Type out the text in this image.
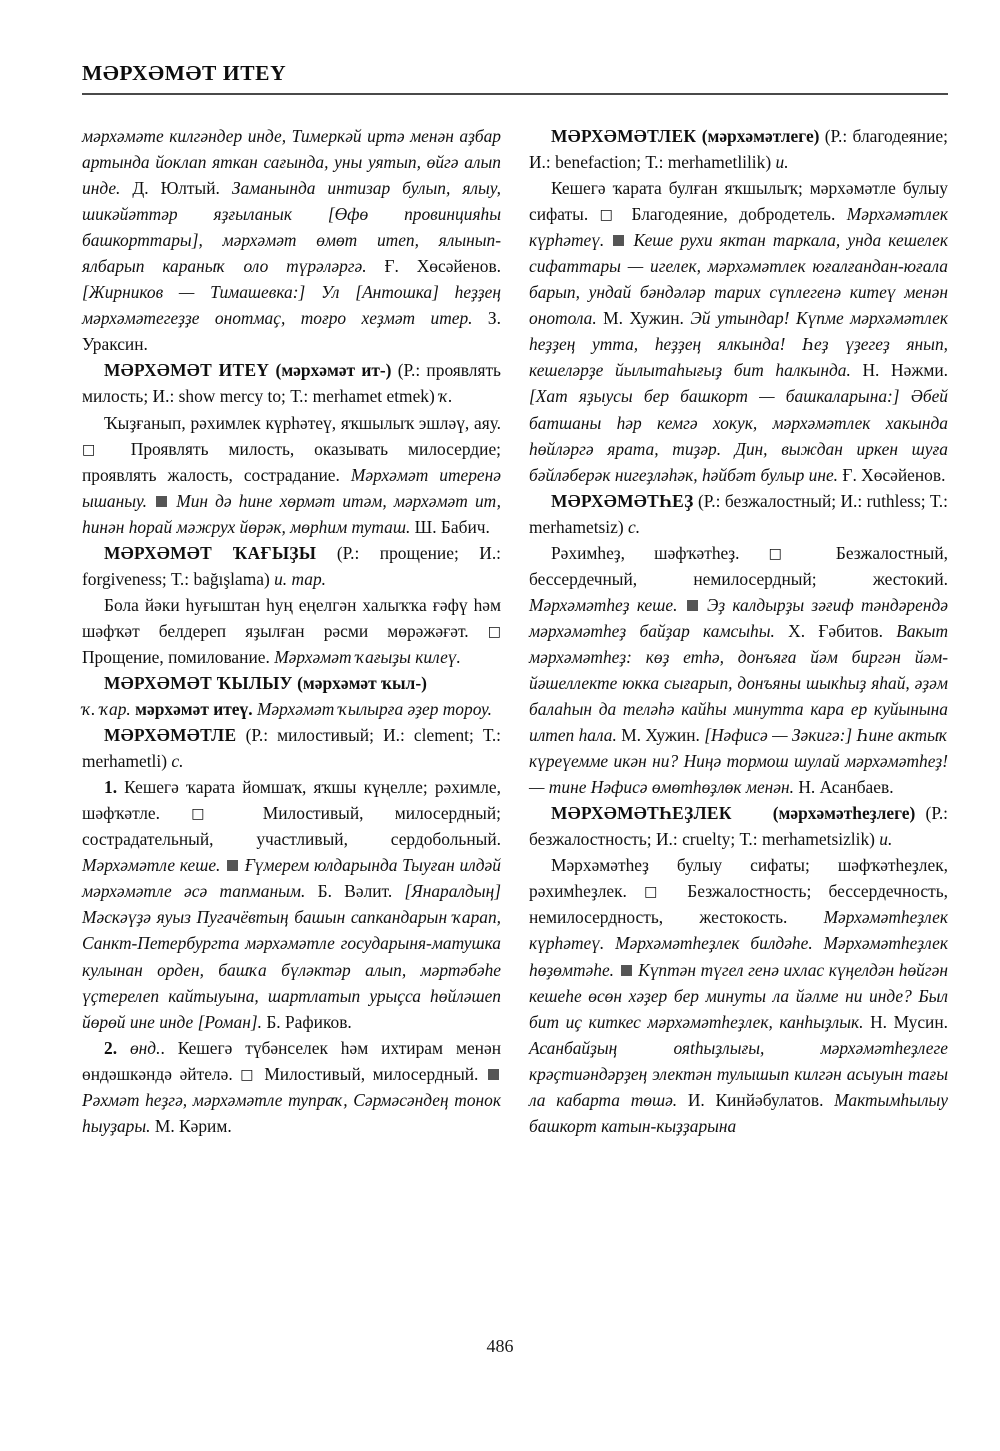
МӘРХӘМӘТ ИТЕҮ

мәрхәмәте килгәндер инде, Тимеркәй иртә менән аҙбар артында йоклап яткан сағында, уны уятып, өйгә алып инде. Д. Юлтый. Заманында интизар булып, ялыу, шикәйәттәр яҙғыланык [Өфө провинцияһы башкорттары], мәрхәмәт өмөт итеп, ялынып-ялбарып караныҡ оло түрәләргә. Ғ. Хөсәйенов. [Жирников — Тимашевка:] Ул [Антошка] һеҙҙең мәрхәмәтегеҙҙе онотмаҫ, тоғро хеҙмәт итер. З. Ураксин.

МӘРХӘМӘТ ИТЕҮ (мәрхәмәт ит-) (Р.: проявлять милость; И.: show mercy to; Т.: merhamet etmek) ҡ.

Ҡыҙғанып, рәхимлек күрһәтеү, яҡшылыҡ эшләү, аяу. □ Проявлять милость, оказывать милосердие; проявлять жалость, сострадание. Мәрхәмәт итеренә ышаныу. Мин дә һине хөрмәт итәм, мәрхәмәт ит, һинән һорай мәжрух йөрәк, мөрһим туташ. Ш. Бабич.

МӘРХӘМӘТ ҠАҒЫҘЫ (Р.: прощение; И.: forgiveness; Т.: bağışlama) и. тар.

Бола йәки һуғыштан һуң еңелгән халыҡҡа ғәфү һәм шәфҡәт белдереп яҙылған рәсми мөрәжәғәт. □ Прощение, помилование. Мәрхәмәт ҡағыҙы килеү.

МӘРХӘМӘТ ҠЫЛЫУ (мәрхәмәт ҡыл-)

ҡ. ҡар. мәрхәмәт итеү. Мәрхәмәт ҡылырға әҙер тороу.

МӘРХӘМӘТЛЕ (Р.: милостивый; И.: clement; Т.: merhametli) с.

1. Кешегә ҡарата йомшаҡ, яҡшы күңелле; рәхимле, шәфҡәтле. □ Милостивый, милосердный; сострадательный, участливый, сердобольный. Мәрхәмәтле кеше. Ғүмерем юлдарында Тыуған илдәй мәрхәмәтле әсә тапманым. Б. Вәлит. [Янаралдың] Мәскәүҙә яуыз Пугачёвтың башын сапкандарын ҡарап, Санкт-Петербургта мәрхәмәтле государыня-матушка кулынан орден, башҡа бүләктәр алып, мәртәбәһе үҫтерелеп кайтыуына, шартлатып урыҫса һөйләшеп йөрөй ине инде [Роман]. Б. Рафиков.

2. өнд.. Кешегә түбәнселек һәм ихтирам менән өндәшкәндә әйтелә. □ Милостивый, милосердный.  Рәхмәт һеҙгә, мәрхәмәтле тупраҡ, Сәрмәсәндең тонок һыуҙары. М. Кәрим.

МӘРХӘМӘТЛЕК (мәрхәмәтлеге) (Р.: благодеяние; И.: benefaction; Т.: merhametlilik) и.

Кешегә ҡарата булған яҡшылыҡ; мәрхәмәтле булыу сифаты. □ Благодеяние, добродетель. Мәрхәмәтлек күрһәтеү. Кеше рухи яктан таркала, унда кешелек сифаттары — игелек, мәрхәмәтлек юғалғандан-юғала барып, ундай бәндәләр тарих сүплегенә китеү менән онотола. М. Хужин. Эй утындар! Күпме мәрхәмәтлек һеҙҙең утта, һеҙҙең ялкында! Һеҙ үҙегеҙ янып, кешеләрҙе йылытаһығыҙ бит һалкында. Н. Нәжми. [Хат яҙыусы бер башкорт — башкаларына:] Әбей батшаны һәр кемгә хокук, мәрхәмәтлек хакында һөйләргә ярата, тиҙәр. Дин, выждан иркен шуға бәйләберәк нигеҙләһәк, һәйбәт булыр ине. Ғ. Хөсәйенов.

МӘРХӘМӘТҺЕҘ (Р.: безжалостный; И.: ruthless; Т.: merhametsiz) с.

Рәхимһеҙ, шәфҡәтһеҙ. □ Безжалостный, бессердечный, немилосердный; жестокий. Мәрхәмәтһеҙ кеше. Эҙ калдырҙы зәғиф тәндәрендә мәрхәмәтһеҙ байҙар камсыһы. Х. Ғәбитов. Вакыт мәрхәмәтһеҙ: көҙ етһә, донъяға йәм биргән йәм-йәшеллекте юкка сығарып, донъяны шыкһыҙ яһай, әҙәм балаһын да теләһә кайһы минутта кара ер куйынына илтеп һала. М. Хужин. [Нәфисә — Зәкигә:] Һине актыҡ күреүемме икән ни? Ниңә тормош шулай мәрхәмәтһеҙ! — тине Нәфисә өмөтһөҙлөк менән. Н. Асанбаев.

МӘРХӘМӘТҺЕҘЛЕК (мәрхәмәтһеҙлеге) (Р.: безжалостность; И.: cruelty; Т.: merhametsizlik) и.

Мәрхәмәтһеҙ булыу сифаты; шәфҡәтһеҙлек, рәхимһеҙлек. □ Безжалостность; бессердечность, немилосердность, жестокость. Мәрхәмәтһеҙлек күрһәтеү. Мәрхәмәтһеҙлек билдәһе. Мәрхәмәтһеҙлек һөҙөмтәһе. Күптән түгел генә ихлас күңелдән һөйгән кешеһе өсөн хәҙер бер минуты ла йәлме ни инде? Был бит иҫ киткес мәрхәмәтһеҙлек, канһыҙлык. Н. Мусин. Асанбайҙың ояthыҙлығы, мәрхәмәтһеҙлеге крәҫтиәндәрҙең электән тулышып килгән асыуын тағы ла кабарта төшә. И. Кинйәбулатов. Мактымһылыу башкорт катын-кыҙҙарына

486
